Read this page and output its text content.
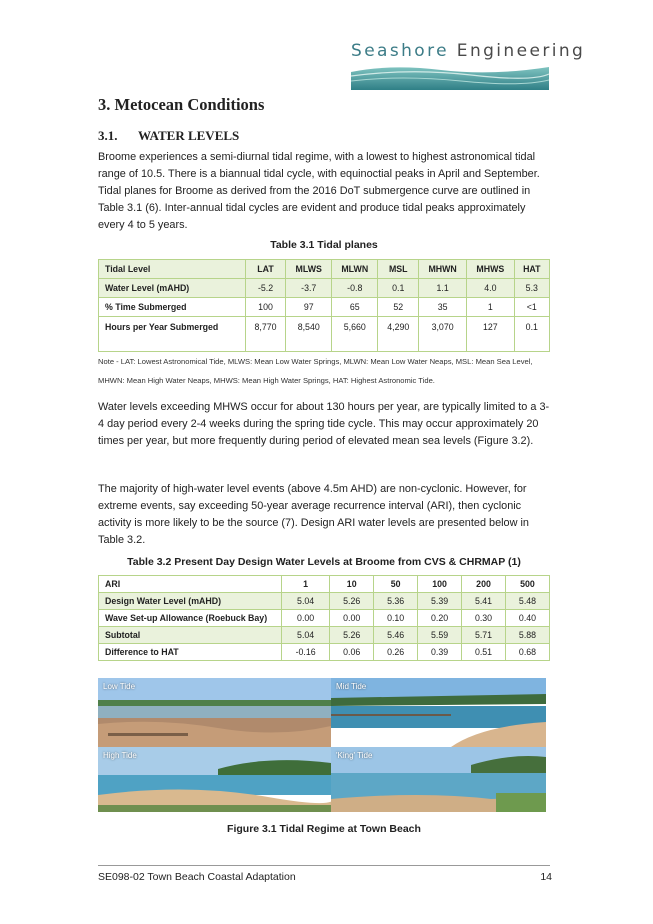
Seashore Engineering
3. Metocean Conditions
3.1. WATER LEVELS

Broome experiences a semi-diurnal tidal regime, with a lowest to highest astronomical tidal range of 10.5. There is a biannual tidal cycle, with equinoctial peaks in April and September. Tidal planes for Broome as derived from the 2016 DoT submergence curve are outlined in Table 3.1 (6). Inter-annual tidal cycles are evident and produce tidal peaks approximately every 4 to 5 years.

Table 3.1 Tidal planes
Tidal Level	LAT	MLWS	MLWN	MSL	MHWN	MHWS	HAT
Water Level (mAHD)	-5.2	-3.7	-0.8	0.1	1.1	4.0	5.3
% Time Submerged	100	97	65	52	35	1	<1
Hours per Year Submerged	8,770	8,540	5,660	4,290	3,070	127	0.1
Note - LAT: Lowest Astronomical Tide, MLWS: Mean Low Water Springs, MLWN: Mean Low Water Neaps, MSL: Mean Sea Level, MHWN: Mean High Water Neaps, MHWS: Mean High Water Springs, HAT: Highest Astronomic Tide.

Water levels exceeding MHWS occur for about 130 hours per year, are typically limited to a 3-4 day period every 2-4 weeks during the spring tide cycle. This may occur approximately 20 times per year, but more frequently during period of elevated mean sea levels (Figure 3.2).

The majority of high-water level events (above 4.5m AHD) are non-cyclonic. However, for extreme events, say exceeding 50-year average recurrence interval (ARI), then cyclonic activity is more likely to be the source (7). Design ARI water levels are presented below in Table 3.2.

Table 3.2 Present Day Design Water Levels at Broome from CVS & CHRMAP (1)
ARI	1	10	50	100	200	500
Design Water Level (mAHD)	5.04	5.26	5.36	5.39	5.41	5.48
Wave Set-up Allowance (Roebuck Bay)	0.00	0.00	0.10	0.20	0.30	0.40
Subtotal	5.04	5.26	5.46	5.59	5.71	5.88
Difference to HAT	-0.16	0.06	0.26	0.39	0.51	0.68
Low Tide	Mid Tide
High Tide	'King' Tide
Figure 3.1 Tidal Regime at Town Beach
SE098-02 Town Beach Coastal Adaptation	14
